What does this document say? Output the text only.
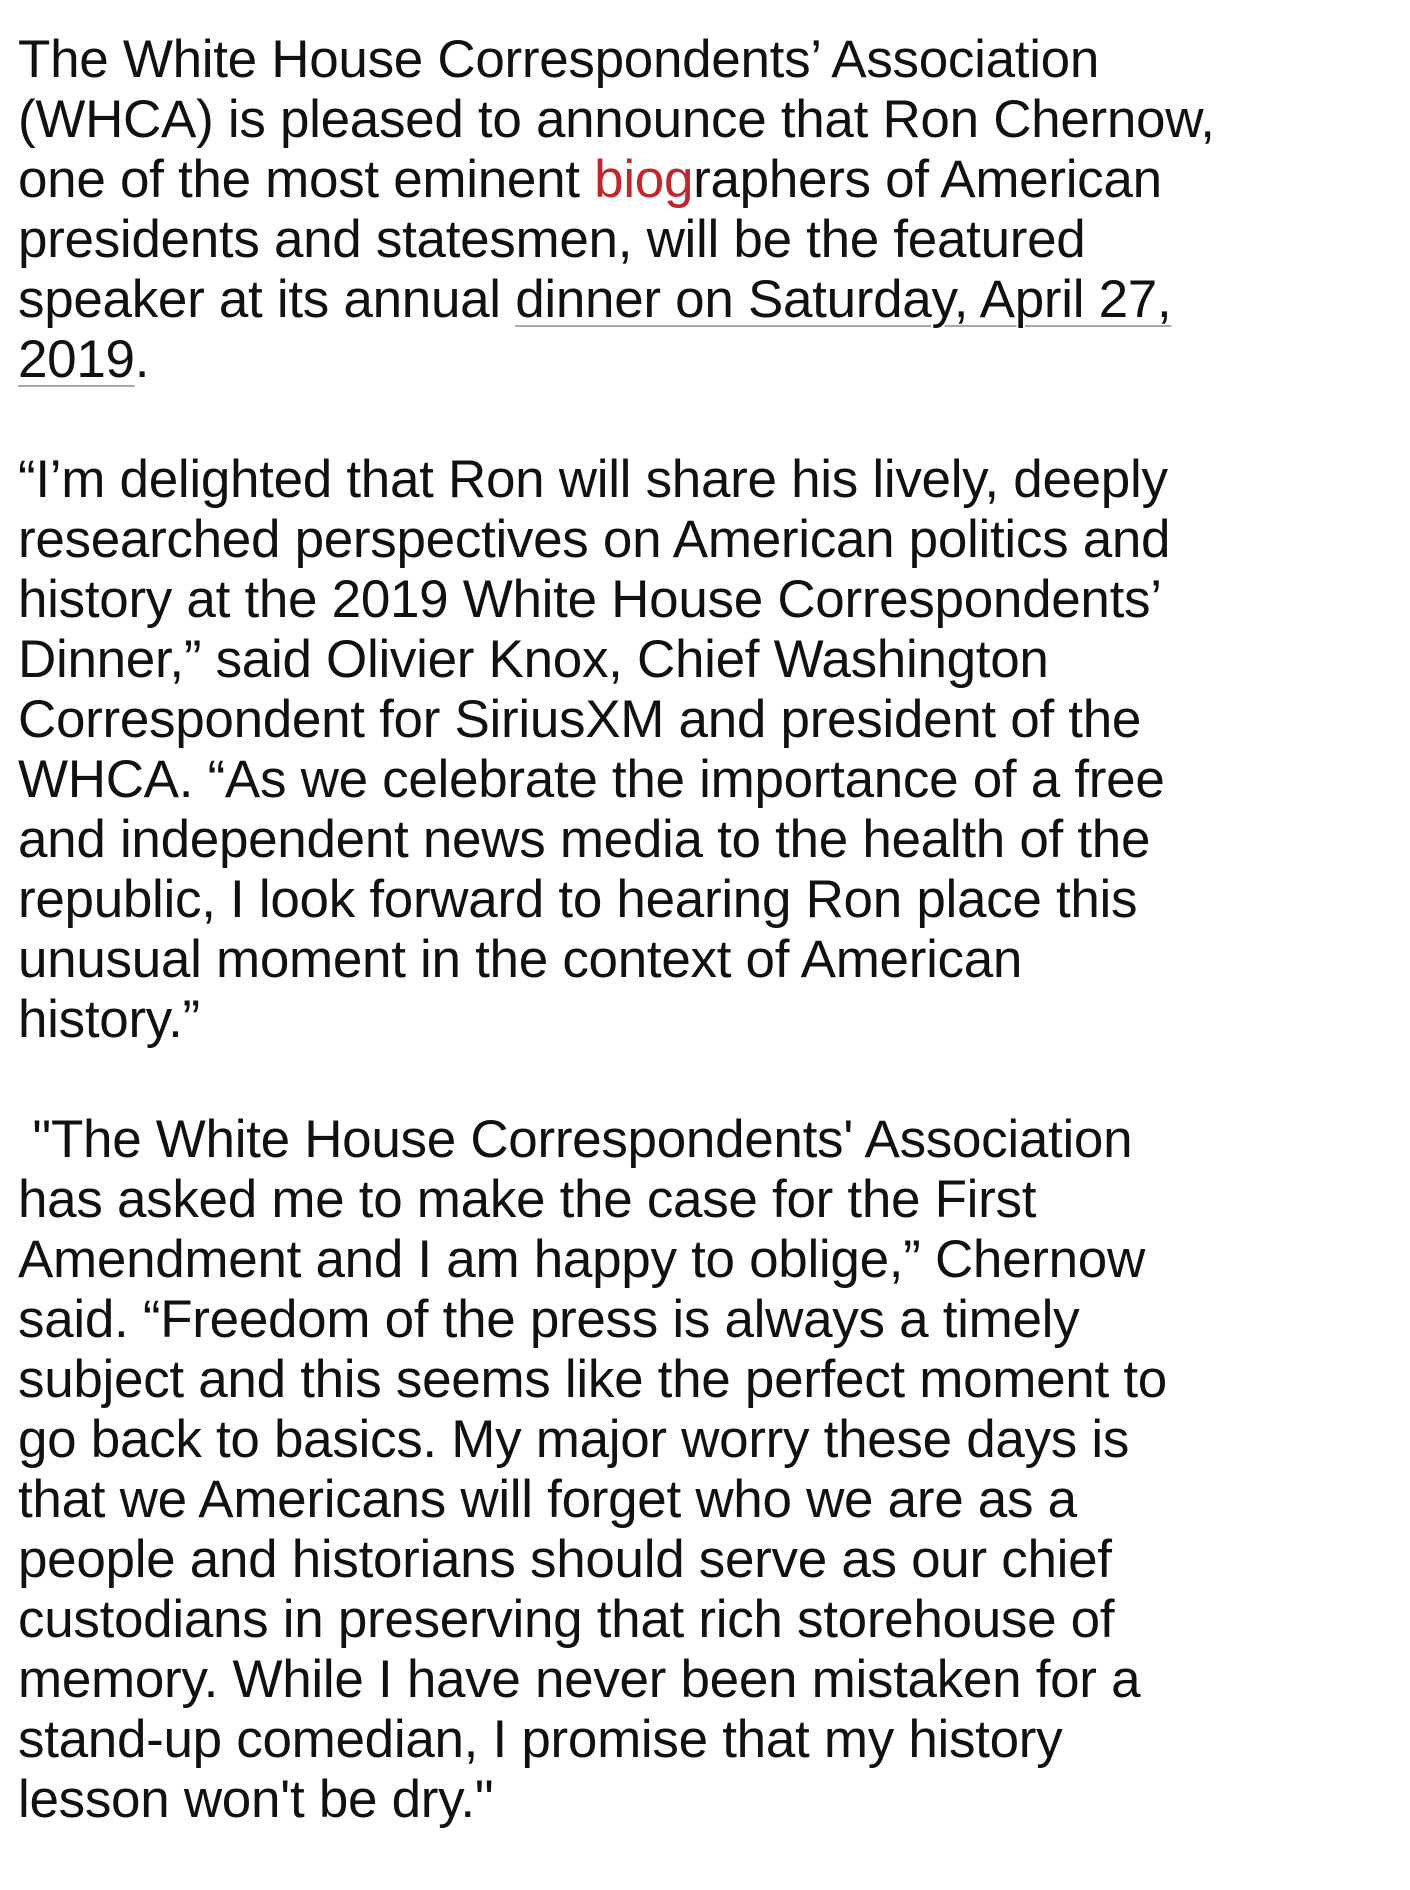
The White House Correspondents’ Association
(WHCA) is pleased to announce that Ron Chernow,
one of the most eminent biographers of American
presidents and statesmen, will be the featured
speaker at its annual dinner on Saturday, April 27,
2019.
“I’m delighted that Ron will share his lively, deeply
researched perspectives on American politics and
history at the 2019 White House Correspondents’
Dinner,” said Olivier Knox, Chief Washington
Correspondent for SiriusXM and president of the
WHCA. “As we celebrate the importance of a free
and independent news media to the health of the
republic, I look forward to hearing Ron place this
unusual moment in the context of American
history.”
"The White House Correspondents' Association
has asked me to make the case for the First
Amendment and I am happy to oblige,” Chernow
said. “Freedom of the press is always a timely
subject and this seems like the perfect moment to
go back to basics. My major worry these days is
that we Americans will forget who we are as a
people and historians should serve as our chief
custodians in preserving that rich storehouse of
memory. While I have never been mistaken for a
stand-up comedian, I promise that my history
lesson won't be dry."
